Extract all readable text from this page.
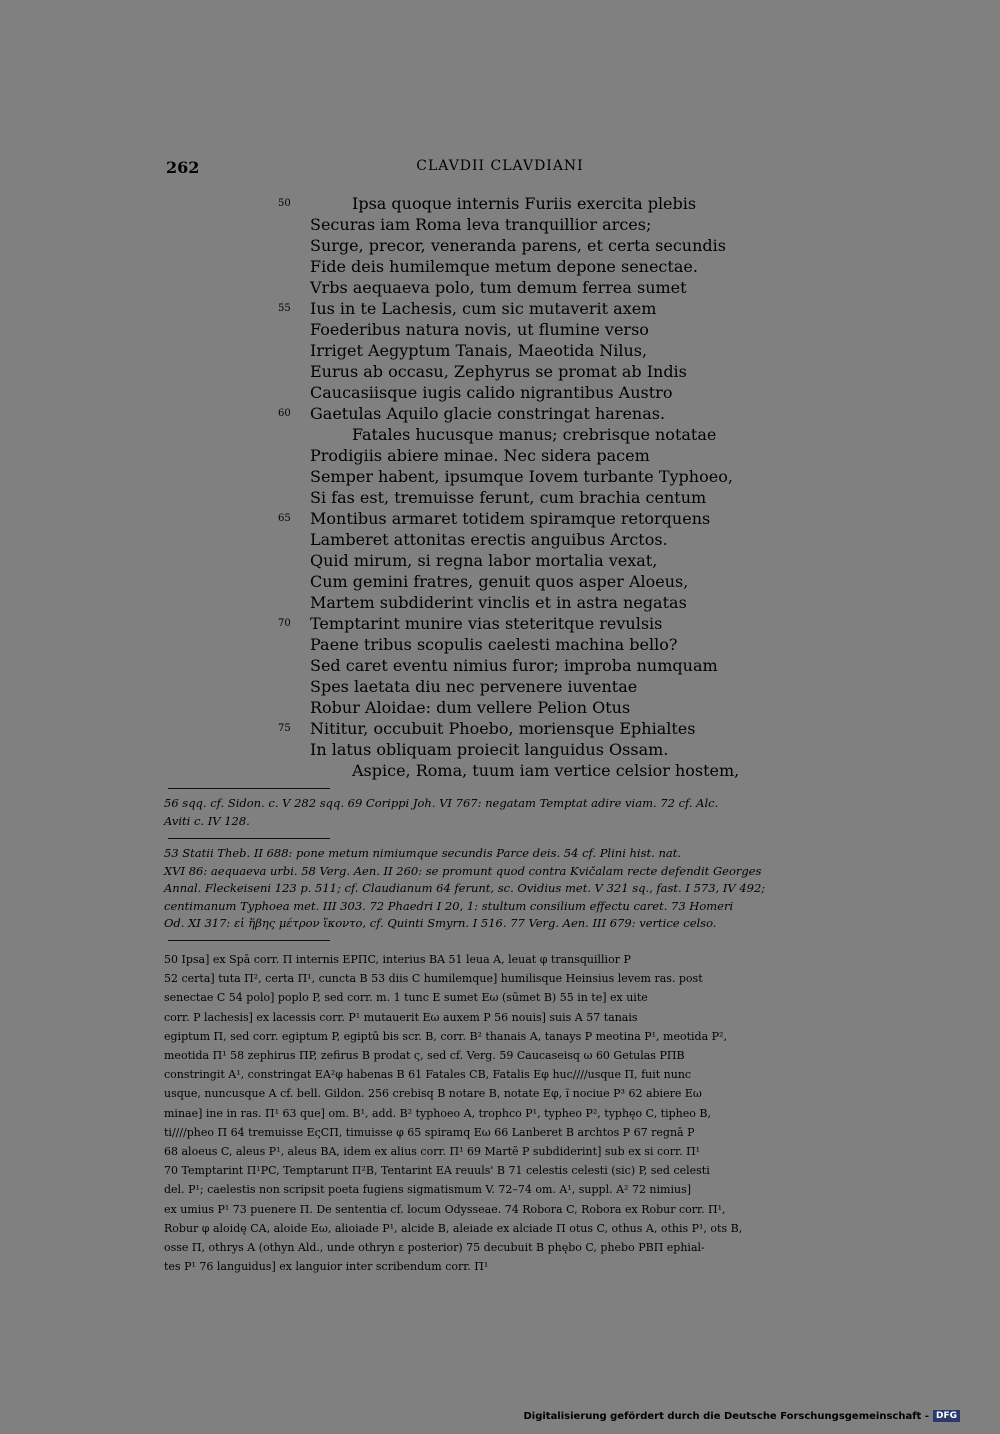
262	CLAVDII CLAVDIANI
50	Ipsa quoque internis Furiis exercita plebis
Securas iam Roma leva tranquillior arces;
Surge, precor, veneranda parens, et certa secundis
Fide deis humilemque metum depone senectae.
Vrbs aequaeva polo, tum demum ferrea sumet
55 Ius in te Lachesis, cum sic mutaverit axem
Foederibus natura novis, ut flumine verso
Irriget Aegyptum Tanais, Maeotida Nilus,
Eurus ab occasu, Zephyrus se promat ab Indis
Caucasiisque iugis calido nigrantibus Austro
60 Gaetulas Aquilo glacie constringat harenas.
Fatales hucusque manus; crebrisque notatae
Prodigiis abiere minae. Nec sidera pacem
Semper habent, ipsumque Iovem turbante Typhoeo,
Si fas est, tremuisse ferunt, cum brachia centum
65 Montibus armaret totidem spiramque retorquens
Lamberet attonitas erectis anguibus Arctos.
Quid mirum, si regna labor mortalia vexat,
Cum gemini fratres, genuit quos asper Aloeus,
Martem subdiderint vinclis et in astra negatas
70 Temptarint munire vias steteritque revulsis
Paene tribus scopulis caelesti machina bello?
Sed caret eventu nimius furor; improba numquam
Spes laetata diu nec pervenere iuventae
Robur Aloidae: dum vellere Pelion Otus
75 Nititur, occubuit Phoebo, moriensque Ephialtes
In latus obliquam proiecit languidus Ossam.
Aspice, Roma, tuum iam vertice celsior hostem,
56 sqq. cf. Sidon. c. V 282 sqq. 69 Corippi Joh. VI 767: negatam Temptat adire viam. 72 cf. Alc.
Aviti c. IV 128.
53 Statii Theb. II 688: pone metum nimiumque secundis Parce deis. 54 cf. Plini hist. nat.
XVI 86: aequaeva urbi. 58 Verg. Aen. II 260: se promunt quod contra Kvičalam recte defendit Georges
Annal. Fleckeiseni 123 p. 511; cf. Claudianum 64 ferunt, sc. Ovidius met. V 321 sq., fast. I 573, IV 492;
centimanum Typhoea met. III 303. 72 Phaedri I 20, 1: stultum consilium effectu caret. 73 Homeri
Od. XI 317: εἰ ἥβης μέτρον ἵκοντο, cf. Quinti Smyrn. I 516. 77 Verg. Aen. III 679: vertice celso.
50 Ipsa] ex Spā corr. Π internis EPΠC, interius BA 51 leua A, leuat φ transquillior P
52 certa] tuta Π², certa Π¹, cuncta B 53 diis C humilemque] humilisque Heinsius levem ras. post
senectae C 54 polo] poplo P, sed corr. m. 1 tunc E sumet Eω (sūmet B) 55 in te] ex uite
corr. P lachesis] ex lacessis corr. P¹ mutauerit Eω auxem P 56 nouis] suis A 57 tanais
egiptum Π, sed corr. egiptum P, egiptū bis scr. B, corr. B² thanais A, tanays P meotina P¹, meotida P²,
meotida Π¹ 58 zephirus ΠP, zefirus B prodat ς, sed cf. Verg. 59 Caucaseisq ω 60 Getulas PΠB
constringit A¹, constringat EA²φ habenas B 61 Fatales CB, Fatalis Eφ huc////usque Π, fuit nunc
usque, nuncusque A cf. bell. Gildon. 256 crebisq B notare B, notate Eφ, ĩ nociue P³ 62 abiere Eω
minae] ine in ras. Π¹ 63 que] om. B¹, add. B² typhoeo A, trophco P¹, typheo P², typhęo C, tipheo B,
ti////pheo Π 64 tremuisse EςCΠ, timuisse φ 65 spiramq Eω 66 Lanberet B archtos P 67 regnā P
68 aloeus C, aleus P¹, aleus BA, idem ex alius corr. Π¹ 69 Martẽ P subdiderint] sub ex si corr. Π¹
70 Temptarint Π¹PC, Temptarunt Π²B, Tentarint EA reuuls' B 71 celestis celesti (sic) P, sed celesti
del. P¹; caelestis non scripsit poeta fugiens sigmatismum V. 72–74 om. A¹, suppl. A² 72 nimius]
ex umius P¹ 73 puenere Π. De sententia cf. locum Odysseae. 74 Robora C, Robora ex Robur corr. Π¹,
Robur φ aloidę CA, aloide Eω, alioiade P¹, alcide B, aleiade ex alciade Π otus C, othus A, othis P¹, ots B,
osse Π, othrys A (othyn Ald., unde othryn ε posterior) 75 decubuit B phębo C, phebo PBΠ ephial-
tes P¹ 76 languidus] ex languior inter scribendum corr. Π¹
Digitalisierung gefördert durch die Deutsche Forschungsgemeinschaft - DFG
